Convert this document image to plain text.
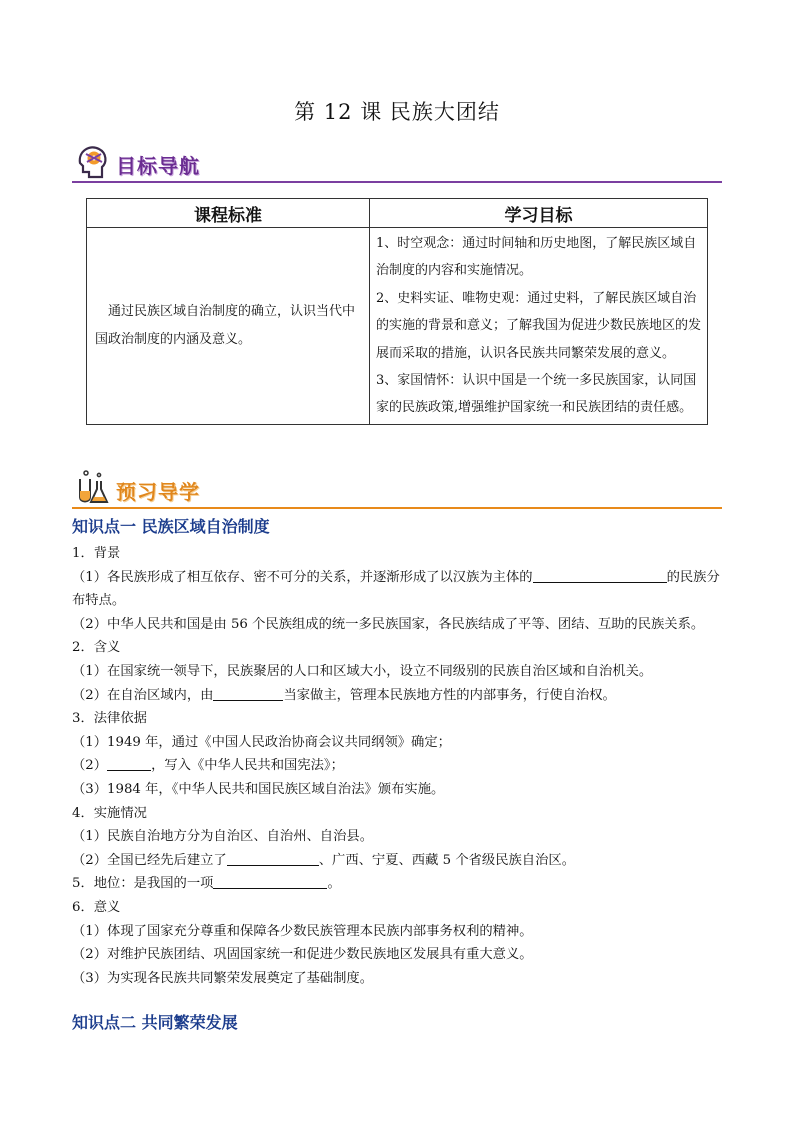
第 12 课 民族大团结
目标导航
课程标准	学习目标
通过民族区域自治制度的确立，认识当代中国政治制度的内涵及意义。	1、时空观念：通过时间轴和历史地图，了解民族区域自治制度的内容和实施情况。
2、史料实证、唯物史观：通过史料，了解民族区域自治的实施的背景和意义；了解我国为促进少数民族地区的发展而采取的措施，认识各民族共同繁荣发展的意义。
3、家国情怀：认识中国是一个统一多民族国家，认同国家的民族政策,增强维护国家统一和民族团结的责任感。
预习导学
知识点一 民族区域自治制度

1．背景

（1）各民族形成了相互依存、密不可分的关系，并逐渐形成了以汉族为主体的	的民族分布特点。

（2）中华人民共和国是由 56 个民族组成的统一多民族国家，各民族结成了平等、团结、互助的民族关系。

2．含义

（1）在国家统一领导下，民族聚居的人口和区域大小，设立不同级别的民族自治区域和自治机关。

（2）在自治区域内，由	当家做主，管理本民族地方性的内部事务，行使自治权。

3．法律依据

（1）1949 年，通过《中国人民政治协商会议共同纲领》确定；

（2）	，写入《中华人民共和国宪法》；

（3）1984 年，《中华人民共和国民族区域自治法》颁布实施。

4．实施情况

（1）民族自治地方分为自治区、自治州、自治县。

（2）全国已经先后建立了	、广西、宁夏、西藏 5 个省级民族自治区。

5．地位：是我国的一项	。

6．意义

（1）体现了国家充分尊重和保障各少数民族管理本民族内部事务权利的精神。

（2）对维护民族团结、巩固国家统一和促进少数民族地区发展具有重大意义。

（3）为实现各民族共同繁荣发展奠定了基础制度。

知识点二 共同繁荣发展
